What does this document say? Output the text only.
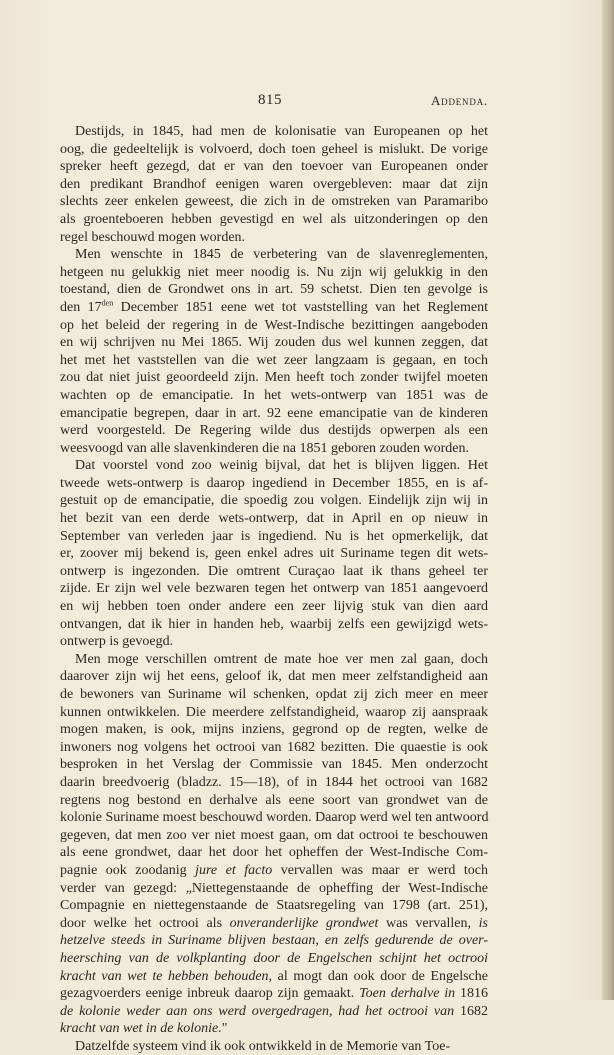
815	Addenda.

Destijds, in 1845, had men de kolonisatie van Europeanen op het
oog, die gedeeltelijk is volvoerd, doch toen geheel is mislukt. De vorige
spreker heeft gezegd, dat er van den toevoer van Europeanen onder
den predikant Brandhof eenigen waren overgebleven: maar dat zijn
slechts zeer enkelen geweest, die zich in de omstreken van Paramaribo
als groenteboeren hebben gevestigd en wel als uitzonderingen op den
regel beschouwd mogen worden.

Men wenschte in 1845 de verbetering van de slavenreglementen,
hetgeen nu gelukkig niet meer noodig is. Nu zijn wij gelukkig in den
toestand, dien de Grondwet ons in art. 59 schetst. Dien ten gevolge is
den $17^{den}$ December 1851 eene wet tot vaststelling van het Reglement
op het beleid der regering in de West-Indische bezittingen aangeboden
en wij schrijven nu Mei 1865. Wij zouden dus wel kunnen zeggen, dat
het met het vaststellen van die wet zeer langzaam is gegaan, en toch
zou dat niet juist geoordeeld zijn. Men heeft toch zonder twijfel moeten
wachten op de emancipatie. In het wets-ontwerp van 1851 was de
emancipatie begrepen, daar in art. 92 eene emancipatie van de kinderen
werd voorgesteld. De Regering wilde dus destijds opwerpen als een
weesvoogd van alle slavenkinderen die na 1851 geboren zouden worden.

Dat voorstel vond zoo weinig bijval, dat het is blijven liggen. Het
tweede wets-ontwerp is daarop ingediend in December 1855, en is af-
gestuit op de emancipatie, die spoedig zou volgen. Eindelijk zijn wij in
het bezit van een derde wets-ontwerp, dat in April en op nieuw in
September van verleden jaar is ingediend. Nu is het opmerkelijk, dat
er, zoover mij bekend is, geen enkel adres uit Suriname tegen dit wets-
ontwerp is ingezonden. Die omtrent Curaçao laat ik thans geheel ter
zijde. Er zijn wel vele bezwaren tegen het ontwerp van 1851 aangevoerd
en wij hebben toen onder andere een zeer lijvig stuk van dien aard
ontvangen, dat ik hier in handen heb, waarbij zelfs een gewijzigd wets-
ontwerp is gevoegd.

Men moge verschillen omtrent de mate hoe ver men zal gaan, doch
daarover zijn wij het eens, geloof ik, dat men meer zelfstandigheid aan
de bewoners van Suriname wil schenken, opdat zij zich meer en meer
kunnen ontwikkelen. Die meerdere zelfstandigheid, waarop zij aanspraak
mogen maken, is ook, mijns inziens, gegrond op de regten, welke de
inwoners nog volgens het octrooi van 1682 bezitten. Die quaestie is ook
besproken in het Verslag der Commissie van 1845. Men onderzocht
daarin breedvoerig (bladzz. 15—18), of in 1844 het octrooi van 1682
regtens nog bestond en derhalve als eene soort van grondwet van de
kolonie Suriname moest beschouwd worden. Daarop werd wel ten antwoord
gegeven, dat men zoo ver niet moest gaan, om dat octrooi te beschouwen
als eene grondwet, daar het door het opheffen der West-Indische Com-
pagnie ook zoodanig jure et facto vervallen was maar er werd toch
verder van gezegd: „Niettegenstaande de opheffing der West-Indische
Compagnie en niettegenstaande de Staatsregeling van 1798 (art. 251),
door welke het octrooi als onveranderlijke grondwet was vervallen, is
hetzelve steeds in Suriname blijven bestaan, en zelfs gedurende de over-
heersching van de volkplanting door de Engelschen schijnt het octrooi
kracht van wet te hebben behouden, al mogt dan ook door de Engelsche
gezagvoerders eenige inbreuk daarop zijn gemaakt. Toen derhalve in 1816
de kolonie weder aan ons werd overgedragen, had het octrooi van 1682
kracht van wet in de kolonie."

Datzelfde systeem vind ik ook ontwikkeld in de Memorie van Toe-
